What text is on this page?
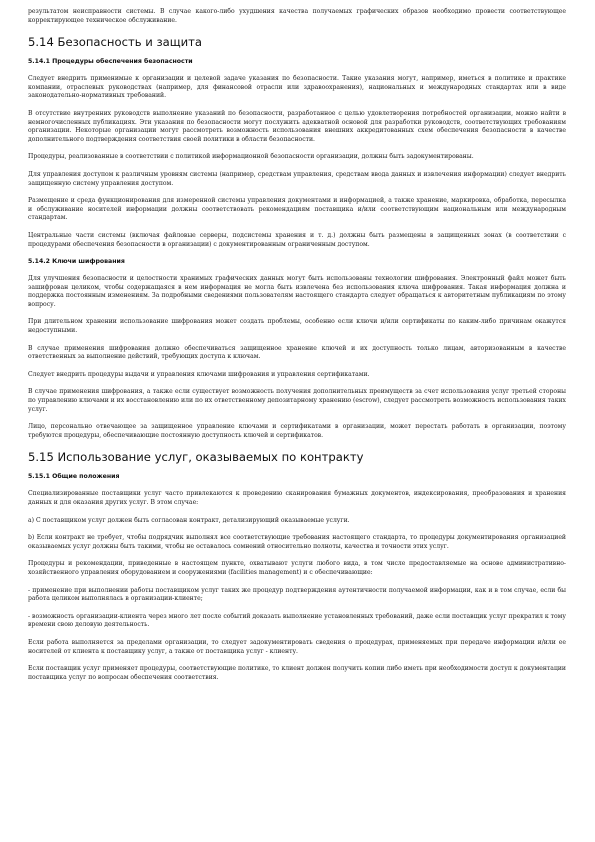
результатом неисправности системы. В случае какого-либо ухудшения качества получаемых графических образов необходимо провести соответствующее корректирующее техническое обслуживание.

5.14 Безопасность и защита
5.14.1 Процедуры обеспечения безопасности

Следует внедрить применимые к организации и целевой задаче указания по безопасности. Такие указания могут, например, иметься в политике и практике компании, отраслевых руководствах (например, для финансовой отрасли или здравоохранения), национальных и международных стандартах или в виде законодательно-нормативных требований.

В отсутствие внутренних руководств выполнение указаний по безопасности, разработанное с целью удовлетворения потребностей организации, можно найти в немногочисленных публикациях. Эти указания по безопасности могут послужить адекватной основой для разработки руководств, соответствующих требованиям организации. Некоторые организации могут рассмотреть возможность использования внешних аккредитованных схем обеспечения безопасности в качестве дополнительного подтверждения соответствия своей политики в области безопасности.

Процедуры, реализованные в соответствии с политикой информационной безопасности организации, должны быть задокументированы.

Для управления доступом к различным уровням системы (например, средствам управления, средствам ввода данных и извлечения информации) следует внедрить защищенную систему управления доступом.

Размещение и среда функционирования для измеренной системы управления документами и информацией, а также хранение, маркировка, обработка, пересылка и обслуживание носителей информации должны соответствовать рекомендациям поставщика и/или соответствующим национальным или международным стандартам.

Центральные части системы (включая файловые серверы, подсистемы хранения и т. д.) должны быть размещены в защищенных зонах (в соответствии с процедурами обеспечения безопасности в организации) с документированным ограниченным доступом.

5.14.2 Ключи шифрования

Для улучшения безопасности и целостности хранимых графических данных могут быть использованы технологии шифрования. Электронный файл может быть зашифрован целиком, чтобы содержащаяся в нем информация не могла быть извлечена без использования ключа шифрования. Такая информация должна и поддержка постоянным изменениям. За подробными сведениями пользователям настоящего стандарта следует обращаться к авторитетным публикациям по этому вопросу.

При длительном хранении использование шифрования может создать проблемы, особенно если ключи и/или сертификаты по каким-либо причинам окажутся недоступными.

В случае применения шифрования должно обеспечиваться защищенное хранение ключей и их доступность только лицам, авторизованным в качестве ответственных за выполнение действий, требующих доступа к ключам.

Следует внедрить процедуры выдачи и управления ключами шифрования и управления сертификатами.

В случае применения шифрования, а также если существует возможность получения дополнительных преимуществ за счет использования услуг третьей стороны по управлению ключами и их восстановлению или по их ответственному депозитарному хранению (escrow), следует рассмотреть возможность использования таких услуг.

Лицо, персонально отвечающее за защищенное управление ключами и сертификатами в организации, может перестать работать в организации, поэтому требуются процедуры, обеспечивающие постоянную доступность ключей и сертификатов.

5.15 Использование услуг, оказываемых по контракту
5.15.1 Общие положения

Специализированные поставщики услуг часто привлекаются к проведению сканирования бумажных документов, индексирования, преобразования и хранения данных и для оказания других услуг. В этом случае:

a) С поставщиком услуг должен быть согласован контракт, детализирующий оказываемые услуги.

b) Если контракт не требует, чтобы подрядчик выполнял все соответствующие требования настоящего стандарта, то процедуры документирования организацией оказываемых услуг должны быть такими, чтобы не оставалось сомнений относительно полноты, качества и точности этих услуг.

Процедуры и рекомендации, приведенные в настоящем пункте, охватывают услуги любого вида, в том числе предоставляемые на основе административно-хозяйственного управления оборудованием и сооружениями (facilities management) и с обеспечивающие:

- применение при выполнении работы поставщиком услуг таких же процедур подтверждения аутентичности получаемой информации, как и в том случае, если бы работа целиком выполнялась в организации-клиенте;

- возможность организации-клиента через много лет после событий доказать выполнение установленных требований, даже если поставщик услуг прекратил к тому времени свою деловую деятельность.

Если работа выполняется за пределами организации, то следует задокументировать сведения о процедурах, применяемых при передаче информации и/или ее носителей от клиента к поставщику услуг, а также от поставщика услуг - клиенту.

Если поставщик услуг применяет процедуры, соответствующие политике, то клиент должен получить копии либо иметь при необходимости доступ к документации поставщика услуг по вопросам обеспечения соответствия.
